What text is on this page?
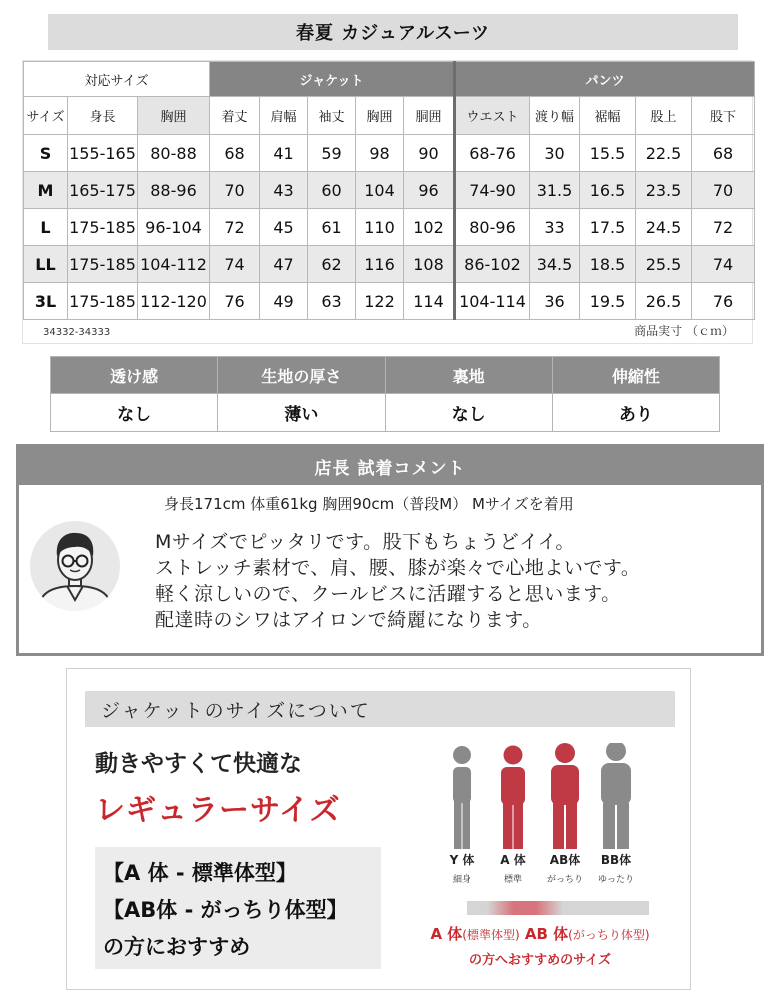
春夏 カジュアルスーツ
対応サイズ			ジャケット					パンツ				
サイズ	身長	胸囲	着丈	肩幅	袖丈	胸囲	胴囲	ウエスト	渡り幅	裾幅	股上	股下
S	155-165	80-88	68	41	59	98	90	68-76	30	15.5	22.5	68
M	165-175	88-96	70	43	60	104	96	74-90	31.5	16.5	23.5	70
L	175-185	96-104	72	45	61	110	102	80-96	33	17.5	24.5	72
LL	175-185	104-112	74	47	62	116	108	86-102	34.5	18.5	25.5	74
3L	175-185	112-120	76	49	63	122	114	104-114	36	19.5	26.5	76
34332-34333	商品実寸 （ｃｍ）
透け感	生地の厚さ	裏地	伸縮性
なし	薄い	なし	あり
店長 試着コメント
身長171cm 体重61kg 胸囲90cm（普段M） Mサイズを着用
Mサイズでピッタリです。股下もちょうどイイ。
ストレッチ素材で、肩、腰、膝が楽々で心地よいです。
軽く涼しいので、クールビスに活躍すると思います。
配達時のシワはアイロンで綺麗になります。
ジャケットのサイズについて
動きやすくて快適な
レギュラーサイズ
【A 体 - 標準体型】
【AB体 - がっちり体型】
の方におすすめ
Y 体 A 体 AB体 BB体
細身	標準	がっちり ゆったり
A 体(標準体型) AB 体(がっちり体型)
の方へおすすめのサイズ
